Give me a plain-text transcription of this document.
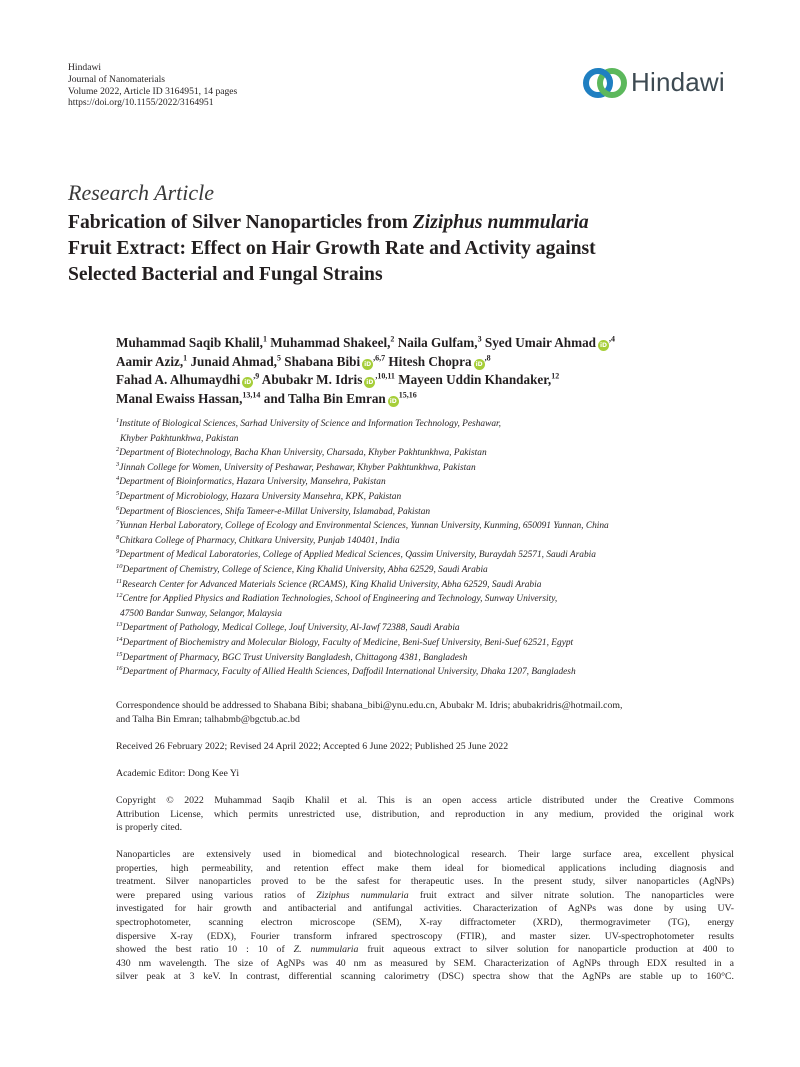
Hindawi
Journal of Nanomaterials
Volume 2022, Article ID 3164951, 14 pages
https://doi.org/10.1155/2022/3164951
Hindawi
Research Article
Fabrication of Silver Nanoparticles from Ziziphus nummularia
Fruit Extract: Effect on Hair Growth Rate and Activity against
Selected Bacterial and Fungal Strains
Muhammad Saqib Khalil,$^1$ Muhammad Shakeel,$^2$ Naila Gulfam,$^3$ Syed Umair Ahmad $iD^{,4}$
Aamir Aziz,$^1$ Junaid Ahmad,$^5$ Shabana Bibi $iD^{,6,7}$ Hitesh Chopra $iD^{,8}$
Fahad A. Alhumaydhi $iD^{,9}$ Abubakr M. Idris $iD^{,10,11}$ Mayeen Uddin Khandaker,$^{12}$
Manal Ewaiss Hassan,$^{13,14}$ and Talha Bin Emran iD$^{15,16}$
$^1$Institute of Biological Sciences, Sarhad University of Science and Information Technology, Peshawar,
Khyber Pakhtunkhwa, Pakistan
$^2$Department of Biotechnology, Bacha Khan University, Charsada, Khyber Pakhtunkhwa, Pakistan
$^3$Jinnah College for Women, University of Peshawar, Peshawar, Khyber Pakhtunkhwa, Pakistan
$^4$Department of Bioinformatics, Hazara University, Mansehra, Pakistan
$^5$Department of Microbiology, Hazara University Mansehra, KPK, Pakistan
$^6$Department of Biosciences, Shifa Tameer-e-Millat University, Islamabad, Pakistan
$^7$Yunnan Herbal Laboratory, College of Ecology and Environmental Sciences, Yunnan University, Kunming, 650091 Yunnan, China
$^8$Chitkara College of Pharmacy, Chitkara University, Punjab 140401, India
$^9$Department of Medical Laboratories, College of Applied Medical Sciences, Qassim University, Buraydah 52571, Saudi Arabia
$^{10}$Department of Chemistry, College of Science, King Khalid University, Abha 62529, Saudi Arabia
$^{11}$Research Center for Advanced Materials Science (RCAMS), King Khalid University, Abha 62529, Saudi Arabia
$^{12}$Centre for Applied Physics and Radiation Technologies, School of Engineering and Technology, Sunway University,
47500 Bandar Sunway, Selangor, Malaysia
$^{13}$Department of Pathology, Medical College, Jouf University, Al-Jawf 72388, Saudi Arabia
$^{14}$Department of Biochemistry and Molecular Biology, Faculty of Medicine, Beni-Suef University, Beni-Suef 62521, Egypt
$^{15}$Department of Pharmacy, BGC Trust University Bangladesh, Chittagong 4381, Bangladesh
$^{16}$Department of Pharmacy, Faculty of Allied Health Sciences, Daffodil International University, Dhaka 1207, Bangladesh
Correspondence should be addressed to Shabana Bibi; shabana_bibi@ynu.edu.cn, Abubakr M. Idris; abubakridris@hotmail.com,
and Talha Bin Emran; talhabmb@bgctub.ac.bd
Received 26 February 2022; Revised 24 April 2022; Accepted 6 June 2022; Published 25 June 2022
Academic Editor: Dong Kee Yi
Copyright © 2022 Muhammad Saqib Khalil et al. This is an open access article distributed under the Creative Commons
Attribution License, which permits unrestricted use, distribution, and reproduction in any medium, provided the original work
is properly cited.
Nanoparticles are extensively used in biomedical and biotechnological research. Their large surface area, excellent physical
properties, high permeability, and retention effect make them ideal for biomedical applications including diagnosis and
treatment. Silver nanoparticles proved to be the safest for therapeutic uses. In the present study, silver nanoparticles (AgNPs)
were prepared using various ratios of Ziziphus nummularia fruit extract and silver nitrate solution. The nanoparticles were
investigated for hair growth and antibacterial and antifungal activities. Characterization of AgNPs was done by using UV-
spectrophotometer, scanning electron microscope (SEM), X-ray diffractometer (XRD), thermogravimeter (TG), energy
dispersive X-ray (EDX), Fourier transform infrared spectroscopy (FTIR), and master sizer. UV-spectrophotometer results
showed the best ratio 10 : 10 of Z. nummularia fruit aqueous extract to silver solution for nanoparticle production at 400 to
430 nm wavelength. The size of AgNPs was 40 nm as measured by SEM. Characterization of AgNPs through EDX resulted in a
silver peak at 3 keV. In contrast, differential scanning calorimetry (DSC) spectra show that the AgNPs are stable up to 160°C.
